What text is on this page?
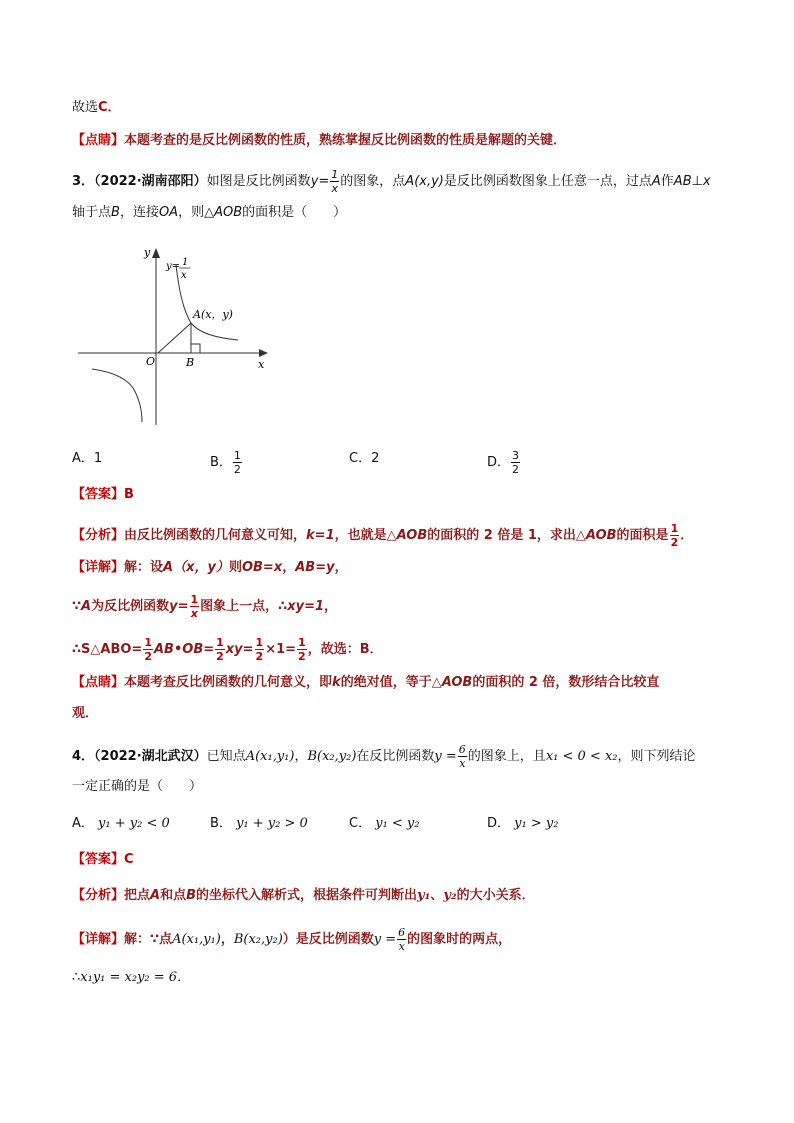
故选C．
【点睛】本题考查的是反比例函数的性质，熟练掌握反比例函数的性质是解题的关键．
3．（2022·湖南邵阳）如图是反比例函数$y= \frac{1}{x}$ 的图象，点A(x,y)是反比例函数图象上任意一点，过点A作AB⊥x
轴于点B，连接OA，则△AOB的面积是（　　）
y
x
O	B
A(x，y)
y= 1
x
A．1	B． $\frac{1}{2}$	C．2	D． $\frac{3}{2}$
【答案】B
【分析】由反比例函数的几何意义可知，k=1，也就是△AOB的面积的 2 倍是 1，求出△AOB的面积是 $\frac{1}{2}$ ．
【详解】解：设A（x，y）则OB=x，AB=y，
∵A为反比例函数$y= \frac{1}{x}$ 图象上一点，∴xy=1，
∴S△ABO= $\frac{1}{2}$ AB•OB= $\frac{1}{2} xy= \frac{1}{2} \times 1= \frac{1}{2}$ ，故选：B．
【点睛】本题考查反比例函数的几何意义，即k的绝对值，等于△AOB的面积的 2 倍，数形结合比较直
观．
4．（2022·湖北武汉）已知点A(x₁,y₁)，B(x₂,y₂)在反比例函数$y = \frac{6}{x}$ 的图象上，且x₁ < 0 < x₂，则下列结论
一定正确的是（　　）
A． y₁ + y₂ < 0	B． y₁ + y₂ > 0	C． y₁ < y₂	D． y₁ > y₂
【答案】C
【分析】把点A和点B的坐标代入解析式，根据条件可判断出y₁、y₂的大小关系．
【详解】解：∵点A(x₁,y₁)，B(x₂,y₂)）是反比例函数$y = \frac{6}{x}$ 的图象时的两点，
∴x₁y₁ = x₂y₂ = 6．
